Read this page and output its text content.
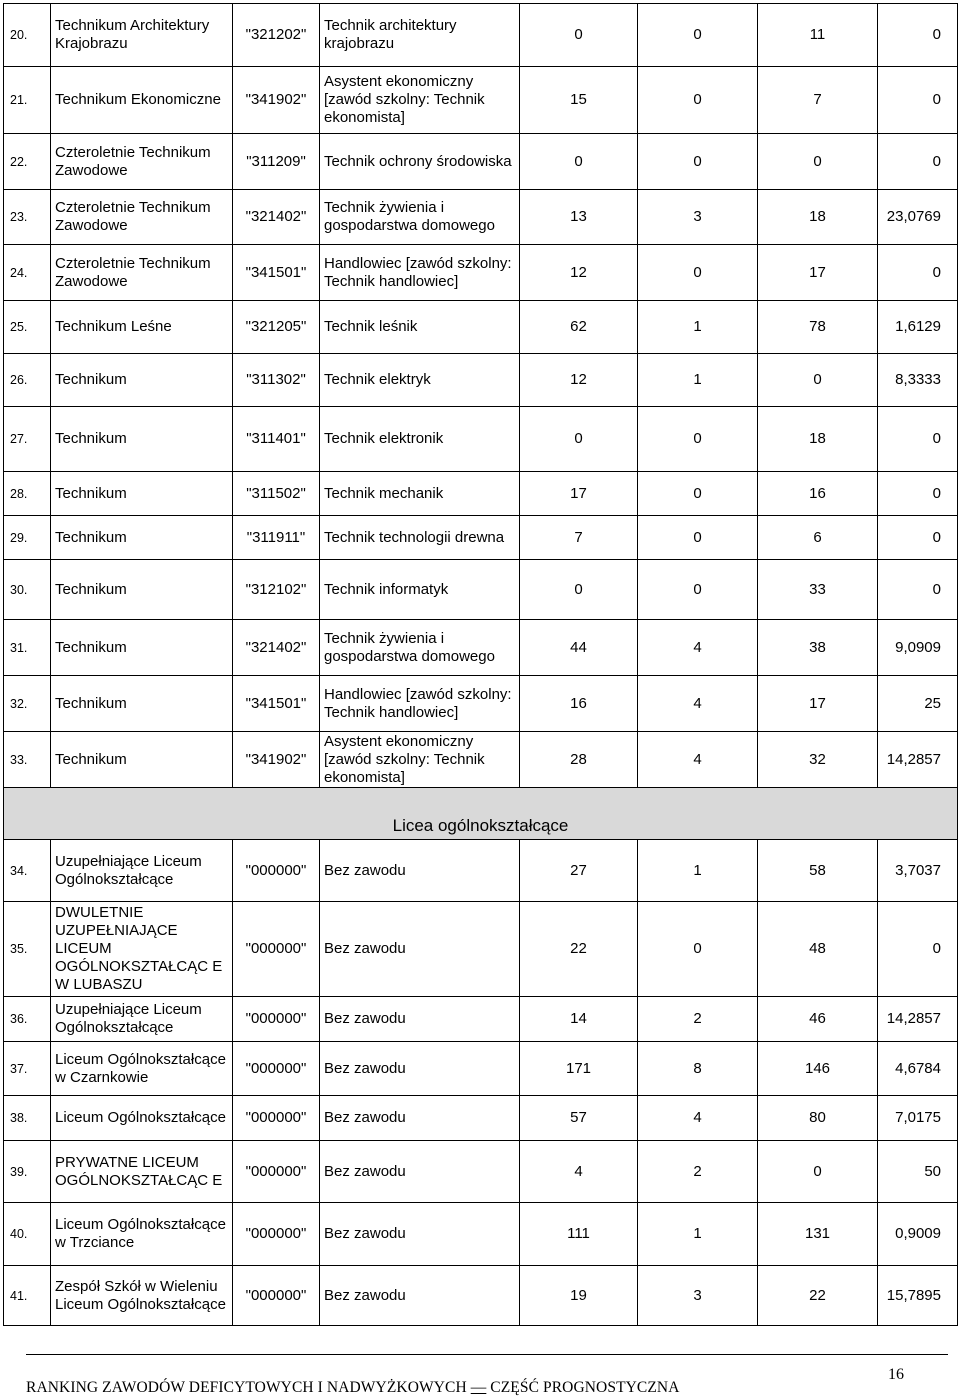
20.	Technikum Architektury Krajobrazu	"321202"	Technik architektury krajobrazu	0	0	11	0
21.	Technikum Ekonomiczne	"341902"	Asystent ekonomiczny [zawód szkolny: Technik ekonomista]	15	0	7	0
22.	Czteroletnie Technikum Zawodowe	"311209"	Technik ochrony środowiska	0	0	0	0
23.	Czteroletnie Technikum Zawodowe	"321402"	Technik żywienia i gospodarstwa domowego	13	3	18	23,0769
24.	Czteroletnie Technikum Zawodowe	"341501"	Handlowiec [zawód szkolny: Technik handlowiec]	12	0	17	0
25.	Technikum Leśne	"321205"	Technik leśnik	62	1	78	1,6129
26.	Technikum	"311302"	Technik elektryk	12	1	0	8,3333
27.	Technikum	"311401"	Technik elektronik	0	0	18	0
28.	Technikum	"311502"	Technik mechanik	17	0	16	0
29.	Technikum	"311911"	Technik technologii drewna	7	0	6	0
30.	Technikum	"312102"	Technik informatyk	0	0	33	0
31.	Technikum	"321402"	Technik żywienia i gospodarstwa domowego	44	4	38	9,0909
32.	Technikum	"341501"	Handlowiec [zawód szkolny: Technik handlowiec]	16	4	17	25
33.	Technikum	"341902"	Asystent ekonomiczny [zawód szkolny: Technik ekonomista]	28	4	32	14,2857
Licea ogólnokształcące							
34.	Uzupełniające Liceum Ogólnokształcące	"000000"	Bez zawodu	27	1	58	3,7037
35.	DWULETNIE UZUPEŁNIAJĄCE LICEUM OGÓLNOKSZTAŁCĄC E W LUBASZU	"000000"	Bez zawodu	22	0	48	0
36.	Uzupełniające Liceum Ogólnokształcące	"000000"	Bez zawodu	14	2	46	14,2857
37.	Liceum Ogólnokształcące w Czarnkowie	"000000"	Bez zawodu	171	8	146	4,6784
38.	Liceum Ogólnokształcące	"000000"	Bez zawodu	57	4	80	7,0175
39.	PRYWATNE LICEUM OGÓLNOKSZTAŁCĄC E	"000000"	Bez zawodu	4	2	0	50
40.	Liceum Ogólnokształcące w Trzciance	"000000"	Bez zawodu	111	1	131	0,9009
41.	Zespół Szkół w Wieleniu Liceum Ogólnokształcące	"000000"	Bez zawodu	19	3	22	15,7895
16
RANKING ZAWODÓW DEFICYTOWYCH I NADWYŻKOWYCH — CZĘŚĆ PROGNOSTYCZNA
